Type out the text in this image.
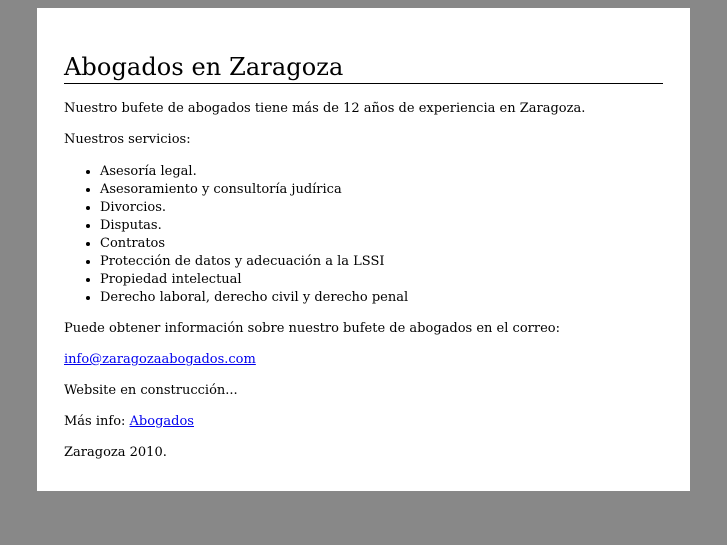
Abogados en Zaragoza

Nuestro bufete de abogados tiene más de 12 años de experiencia en Zaragoza.

Nuestros servicios:

• Asesoría legal.
• Asesoramiento y consultoría judírica
• Divorcios.
• Disputas.
• Contratos
• Protección de datos y adecuación a la LSSI
• Propiedad intelectual
• Derecho laboral, derecho civil y derecho penal

Puede obtener información sobre nuestro bufete de abogados en el correo:

info@zaragozaabogados.com

Website en construcción...

Más info: Abogados

Zaragoza 2010.
